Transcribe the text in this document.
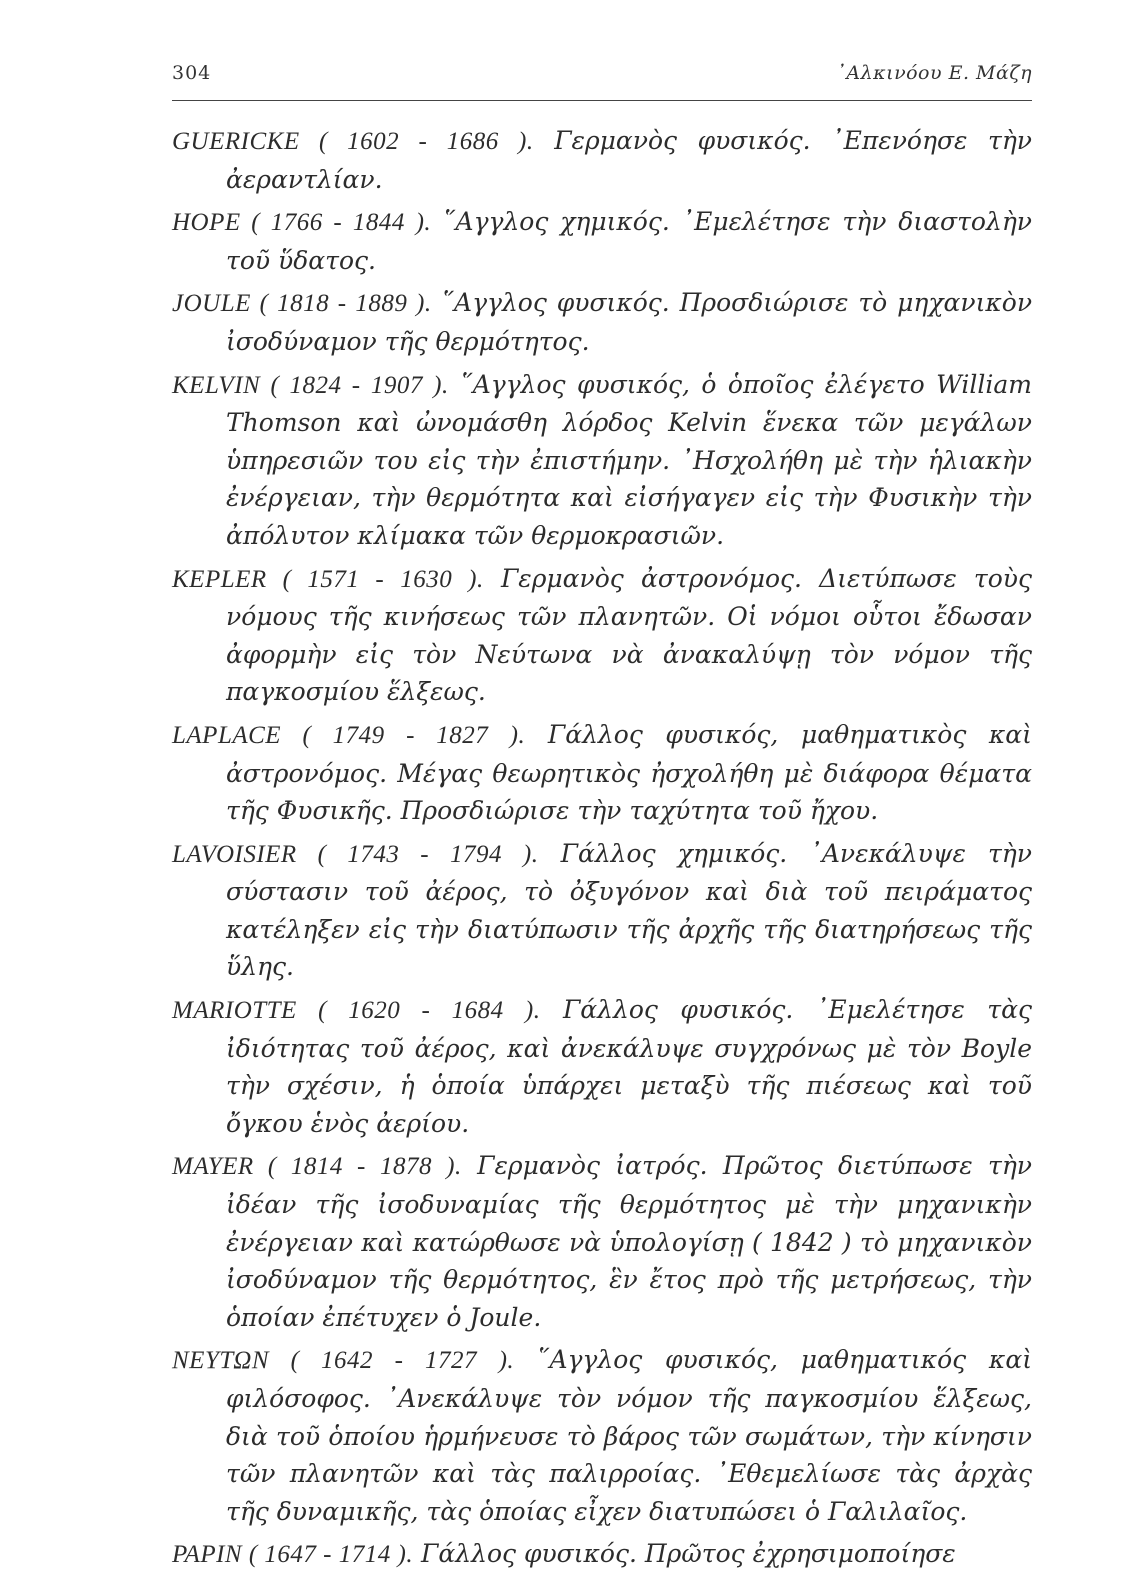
304	᾿Αλκινόου Ε. Μάζη

GUERICKE ( 1602 - 1686 ). Γερμανὸς φυσικός. ᾿Επενόησε τὴν ἀεραντλίαν.

HOPE ( 1766 - 1844 ). ῞Αγγλος χημικός. ᾿Εμελέτησε τὴν διαστολὴν τοῦ ὕδατος.

JOULE ( 1818 - 1889 ). ῞Αγγλος φυσικός. Προσδιώρισε τὸ μηχανικὸν ἰσοδύναμον τῆς θερμότητος.

KELVIN ( 1824 - 1907 ). ῞Αγγλος φυσικός, ὁ ὁποῖος ἐλέγετο William Thomson καὶ ὠνομάσθη λόρδος Kelvin ἕνεκα τῶν μεγάλων ὑπηρεσιῶν του εἰς τὴν ἐπιστήμην. ᾿Ησχολήθη μὲ τὴν ἡλιακὴν ἐνέργειαν, τὴν θερμότητα καὶ εἰσήγαγεν εἰς τὴν Φυσικὴν τὴν ἀπόλυτον κλίμακα τῶν θερμοκρασιῶν.

KEPLER ( 1571 - 1630 ). Γερμανὸς ἀστρονόμος. Διετύπωσε τοὺς νόμους τῆς κινήσεως τῶν πλανητῶν. Οἱ νόμοι οὗτοι ἔδωσαν ἀφορμὴν εἰς τὸν Νεύτωνα νὰ ἀνακαλύψῃ τὸν νόμον τῆς παγκοσμίου ἕλξεως.

LAPLACE ( 1749 - 1827 ). Γάλλος φυσικός, μαθηματικὸς καὶ ἀστρονόμος. Μέγας θεωρητικὸς ἠσχολήθη μὲ διάφορα θέματα τῆς Φυσικῆς. Προσδιώρισε τὴν ταχύτητα τοῦ ἤχου.

LAVOISIER ( 1743 - 1794 ). Γάλλος χημικός. ᾿Ανεκάλυψε τὴν σύστασιν τοῦ ἀέρος, τὸ ὀξυγόνον καὶ διὰ τοῦ πειράματος κατέληξεν εἰς τὴν διατύπωσιν τῆς ἀρχῆς τῆς διατηρήσεως τῆς ὕλης.

MARIOTTE ( 1620 - 1684 ). Γάλλος φυσικός. ᾿Εμελέτησε τὰς ἰδιότητας τοῦ ἀέρος, καὶ ἀνεκάλυψε συγχρόνως μὲ τὸν Boyle τὴν σχέσιν, ἡ ὁποία ὑπάρχει μεταξὺ τῆς πιέσεως καὶ τοῦ ὄγκου ἑνὸς ἀερίου.

MAYER ( 1814 - 1878 ). Γερμανὸς ἰατρός. Πρῶτος διετύπωσε τὴν ἰδέαν τῆς ἰσοδυναμίας τῆς θερμότητος μὲ τὴν μηχανικὴν ἐνέργειαν καὶ κατώρθωσε νὰ ὑπολογίσῃ ( 1842 ) τὸ μηχανικὸν ἰσοδύναμον τῆς θερμότητος, ἓν ἔτος πρὸ τῆς μετρήσεως, τὴν ὁποίαν ἐπέτυχεν ὁ Joule.

ΝΕΥΤΩΝ ( 1642 - 1727 ). ῞Αγγλος φυσικός, μαθηματικός καὶ φιλόσοφος. ᾿Ανεκάλυψε τὸν νόμον τῆς παγκοσμίου ἕλξεως, διὰ τοῦ ὁποίου ἡρμήνευσε τὸ βάρος τῶν σωμάτων, τὴν κίνησιν τῶν πλανητῶν καὶ τὰς παλιρροίας. ᾿Εθεμελίωσε τὰς ἀρχὰς τῆς δυναμικῆς, τὰς ὁποίας εἶχεν διατυπώσει ὁ Γαλιλαῖος.

PAPIN ( 1647 - 1714 ). Γάλλος φυσικός. Πρῶτος ἐχρησιμοποίησε
